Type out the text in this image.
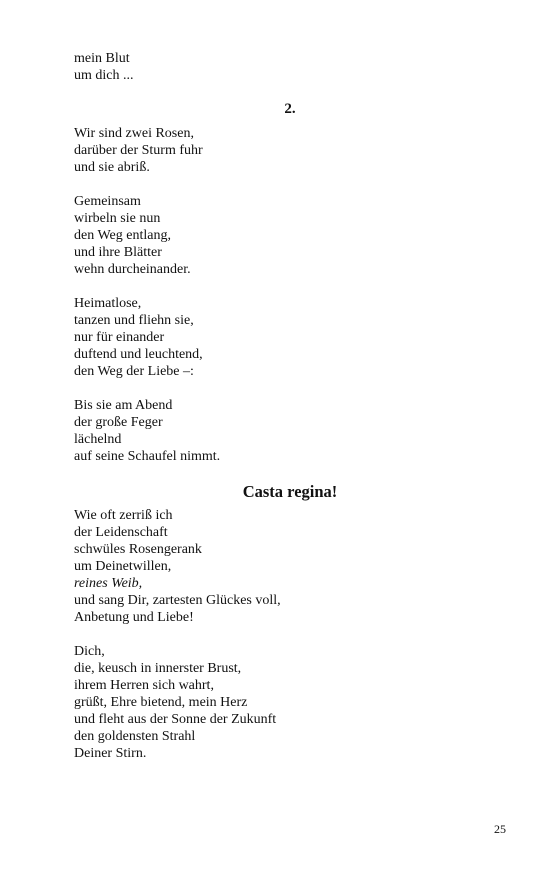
mein Blut
um dich ...
2.
Wir sind zwei Rosen,
darüber der Sturm fuhr
und sie abriß.
Gemeinsam
wirbeln sie nun
den Weg entlang,
und ihre Blätter
wehn durcheinander.
Heimatlose,
tanzen und fliehn sie,
nur für einander
duftend und leuchtend,
den Weg der Liebe –:
Bis sie am Abend
der große Feger
lächelnd
auf seine Schaufel nimmt.
Casta regina!
Wie oft zerriß ich
der Leidenschaft
schwüles Rosengerank
um Deinetwillen,
reines Weib,
und sang Dir, zartesten Glückes voll,
Anbetung und Liebe!
Dich,
die, keusch in innerster Brust,
ihrem Herren sich wahrt,
grüßt, Ehre bietend, mein Herz
und fleht aus der Sonne der Zukunft
den goldensten Strahl
Deiner Stirn.
25
